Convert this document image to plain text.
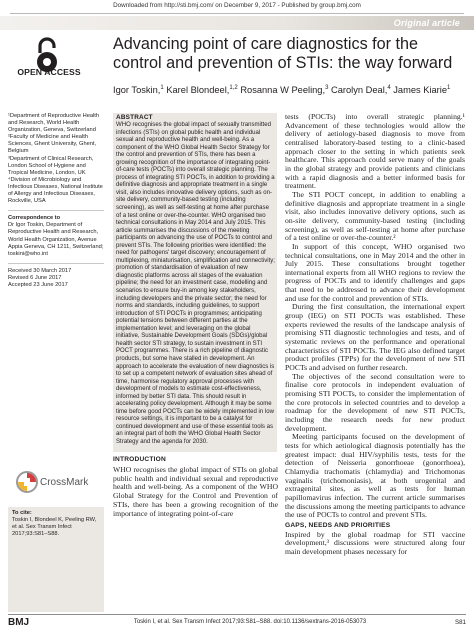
Downloaded from http://sti.bmj.com/ on December 9, 2017 - Published by group.bmj.com
Original article
OPEN ACCESS
Advancing point of care diagnostics for the control and prevention of STIs: the way forward
Igor Toskin,$^1$ Karel Blondeel,$^{1,2}$ Rosanna W Peeling,$^3$ Carolyn Deal,$^4$ James Kiarie$^1$

¹Department of Reproductive Health and Research, World Health Organization, Geneva, Switzerland

²Faculty of Medicine and Health Sciences, Ghent University, Ghent, Belgium

³Department of Clinical Research, London School of Hygiene and Tropical Medicine, London, UK

⁴Division of Microbiology and Infectious Diseases, National Institute of Allergy and Infectious Diseases, Rockville, USA

Correspondence to

Dr Igor Toskin, Department of Reproductive Health and Research, World Health Organization, Avenue Appia Geneva, CH 1211, Switzerland;

toskini@who.int

Received 30 March 2017

Revised 6 June 2017

Accepted 23 June 2017

CrossMark

To cite:

Toskin I, Blondeel K, Peeling RW, et al. Sex Transm Infect 2017;93:S81–S88.

ABSTRACT

WHO recognises the global impact of sexually transmitted infections (STIs) on global public health and individual sexual and reproductive health and well-being. As a component of the WHO Global Health Sector Strategy for the control and prevention of STIs, there has been a growing recognition of the importance of integrating point-of-care tests (POCTs) into overall strategic planning. The process of integrating STI POCTs, in addition to providing a definitive diagnosis and appropriate treatment in a single visit, also includes innovative delivery options, such as on-site delivery, community-based testing (including screening), as well as self-testing at home after purchase of a test online or over-the-counter. WHO organised two technical consultations in May 2014 and July 2015. This article summarises the discussions of the meeting participants on advancing the use of POCTs to control and prevent STIs. The following priorities were identified: the need for pathogens' target discovery; encouragement of multiplexing, miniaturisation, simplification and connectivity; promotion of standardisation of evaluation of new diagnostic platforms across all stages of the evaluation pipeline; the need for an investment case, modelling and scenarios to ensure buy-in among key stakeholders, including developers and the private sector; the need for norms and standards, including guidelines, to support introduction of STI POCTs in programmes; anticipating potential tensions between different parties at the implementation level; and leveraging on the global initiative, Sustainable Development Goals (SDGs)/global health sector STI strategy, to sustain investment in STI POCT programmes. There is a rich pipeline of diagnostic products, but some have stalled in development. An approach to accelerate the evaluation of new diagnostics is to set up a competent network of evaluation sites ahead of time, harmonise regulatory approval processes with development of models to estimate cost-effectiveness, informed by better STI data. This should result in accelerating policy development. Although it may be some time before good POCTs can be widely implemented in low resource settings, it is important to be a catalyst for continued development and use of these essential tools as an integral part of both the WHO Global Health Sector Strategy and the agenda for 2030.

INTRODUCTION

WHO recognises the global impact of STIs on global public health and individual sexual and reproductive health and well-being. As a component of the WHO Global Strategy for the Control and Prevention of STIs, there has been a growing recognition of the importance of integrating point-of-care

tests (POCTs) into overall strategic planning.¹ Advancement of these technologies would allow the delivery of aetiology-based diagnosis to move from centralised laboratory-based testing to a clinic-based approach closer to the setting in which patients seek healthcare. This approach could serve many of the goals in the global strategy and provide patients and clinicians with a rapid diagnosis and a better informed basis for treatment.

The STI POCT concept, in addition to enabling a definitive diagnosis and appropriate treatment in a single visit, also includes innovative delivery options, such as on-site delivery, community-based testing (including screening), as well as self-testing at home after purchase of a test online or over-the-counter.²

In support of this concept, WHO organised two technical consultations, one in May 2014 and the other in July 2015. These consultations brought together international experts from all WHO regions to review the progress of POCTs and to identify challenges and gaps that need to be addressed to advance their development and use for the control and prevention of STIs.

During the first consultation, the international expert group (IEG) on STI POCTs was established. These experts reviewed the results of the landscape analysis of promising STI diagnostic technologies and tests, and of systematic reviews on the performance and operational characteristics of STI POCTs. The IEG also defined target product profiles (TPPs) for the development of new STI POCTs and advised on further research.

The objectives of the second consultation were to finalise core protocols in independent evaluation of promising STI POCTs, to consider the implementation of the core protocols in selected countries and to develop a roadmap for the development of new STI POCTs, including the research needs for new product development.

Meeting participants focused on the development of tests for which aetiological diagnosis potentially has the greatest impact: dual HIV/syphilis tests, tests for the detection of Neisseria gonorrhoeae (gonorrhoea), Chlamydia trachomatis (chlamydia) and Trichomonas vaginalis (trichomoniasis), at both urogenital and extragenital sites, as well as tests for human papillomavirus infection. The current article summarises the discussions among the meeting participants to advance the use of POCTs to control and prevent STIs.

GAPS, NEEDS AND PRIORITIES

Inspired by the global roadmap for STI vaccine development,³ discussions were structured along four main development phases necessary for

BMJ	Toskin I, et al. Sex Transm Infect 2017;93:S81–S88. doi:10.1136/sextrans-2016-053073	S81
